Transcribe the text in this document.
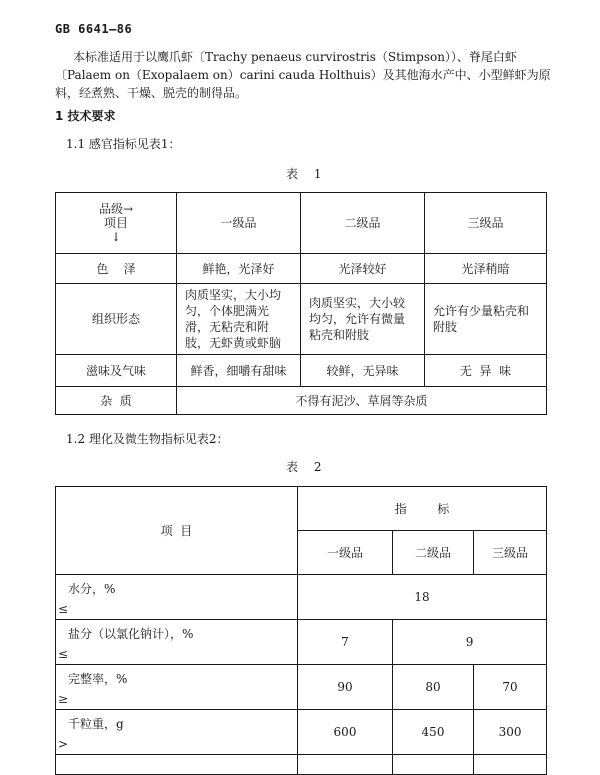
GB 6641—86
本标准适用于以鹰爪虾〔Trachy penaeus curvirostris（Stimpson））、脊尾白虾
〔Palaem on（Exopalaem on）carini cauda Holthuis）及其他海水产中、小型鲜虾为原
料，经煮熟、干燥、脱壳的制得品。
1 技术要求
1.1 感官指标见表1：
表 1
品级→
项目
↓	一级品	二级品	三级品
色    泽	鲜艳，光泽好	光泽较好	光泽稍暗
组织形态	肉质坚实，大小均匀，个体肥满光滑，无粘壳和附肢，无虾黄或虾脑	肉质坚实，大小较均匀，允许有微量粘壳和附肢	允许有少量粘壳和附肢
滋味及气味	鲜香，细嚼有甜味	较鲜，无异味	无  异  味
杂  质	不得有泥沙、草屑等杂质		
1.2 理化及微生物指标见表2：
表 2
项  目	指        标		
	一级品	二级品	三级品
水分，%
≤	18		
盐分（以氯化钠计），%
≤	7	9	
完整率，%
≥	90	80	70
千粒重，g
>	600	450	300
